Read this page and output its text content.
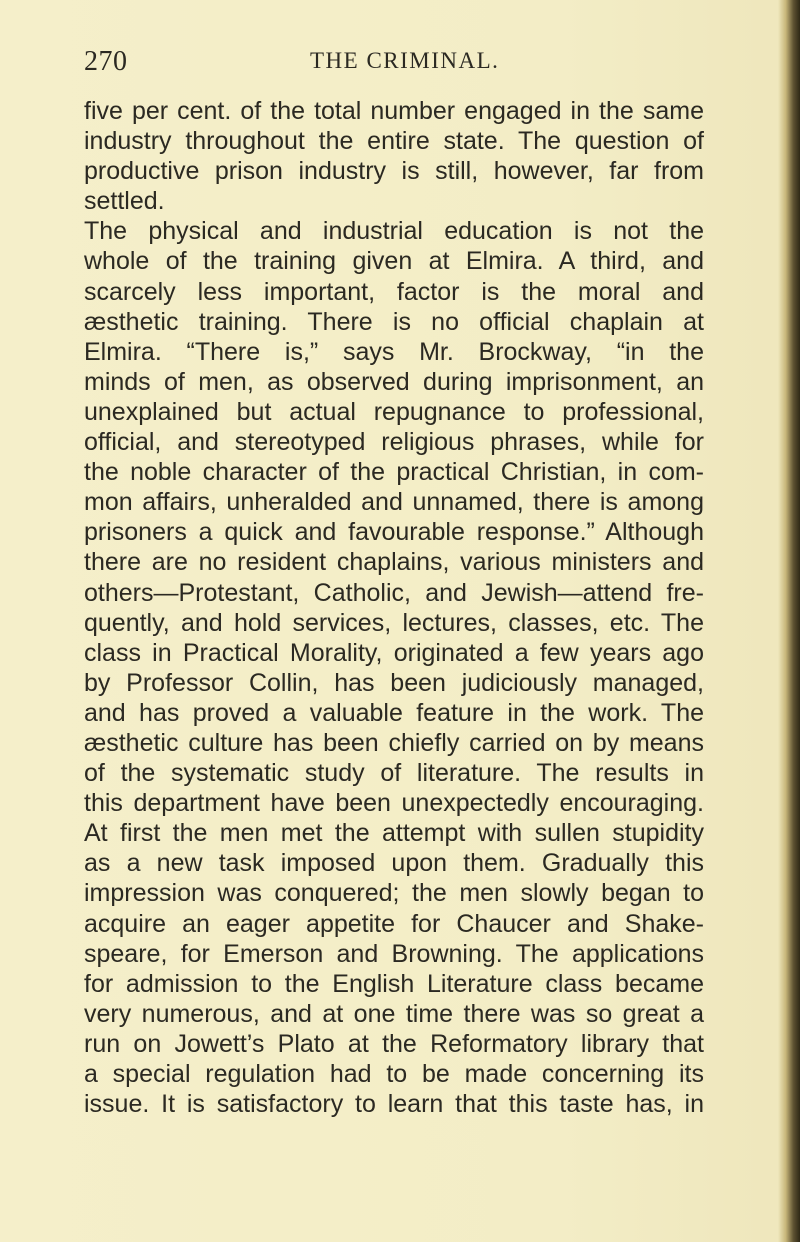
270	THE CRIMINAL.
five per cent. of the total number engaged in the same
industry throughout the entire state. The question of
productive prison industry is still, however, far from
settled.
The physical and industrial education is not the
whole of the training given at Elmira. A third, and
scarcely less important, factor is the moral and
æsthetic training. There is no official chaplain at
Elmira. “There is,” says Mr. Brockway, “in the
minds of men, as observed during imprisonment, an
unexplained but actual repugnance to professional,
official, and stereotyped religious phrases, while for
the noble character of the practical Christian, in com-
mon affairs, unheralded and unnamed, there is among
prisoners a quick and favourable response.” Although
there are no resident chaplains, various ministers and
others—Protestant, Catholic, and Jewish—attend fre-
quently, and hold services, lectures, classes, etc. The
class in Practical Morality, originated a few years ago
by Professor Collin, has been judiciously managed,
and has proved a valuable feature in the work. The
æsthetic culture has been chiefly carried on by means
of the systematic study of literature. The results in
this department have been unexpectedly encouraging.
At first the men met the attempt with sullen stupidity
as a new task imposed upon them. Gradually this
impression was conquered; the men slowly began to
acquire an eager appetite for Chaucer and Shake-
speare, for Emerson and Browning. The applications
for admission to the English Literature class became
very numerous, and at one time there was so great a
run on Jowett’s Plato at the Reformatory library that
a special regulation had to be made concerning its
issue. It is satisfactory to learn that this taste has, in
